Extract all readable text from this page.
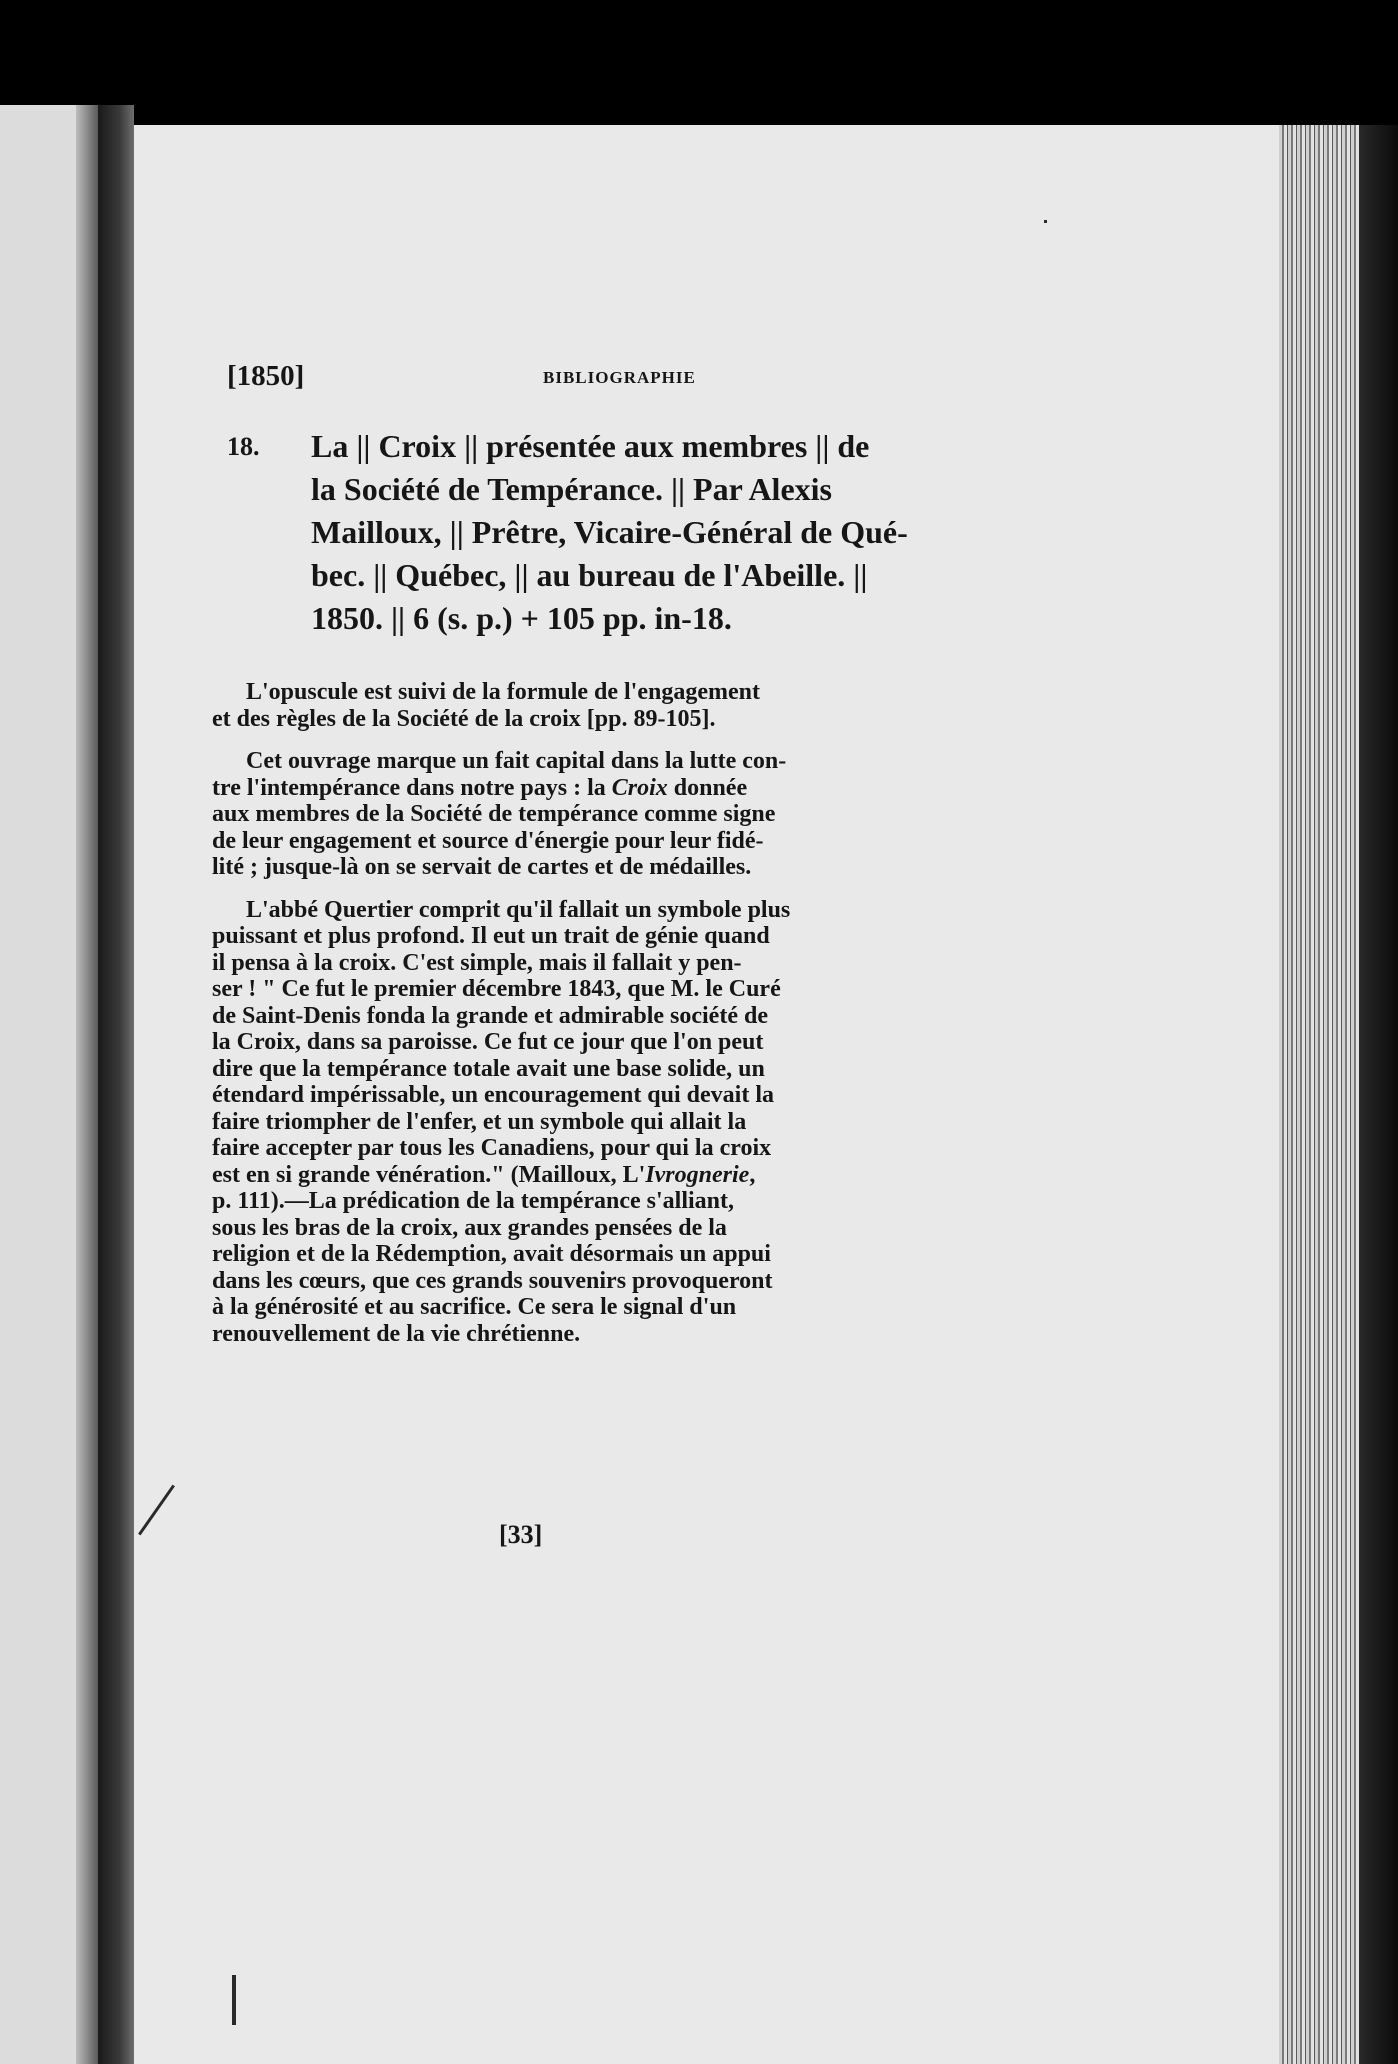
[1850]	BIBLIOGRAPHIE
18. La || Croix || présentée aux membres || de
la Société de Tempérance. || Par Alexis
Mailloux, || Prêtre, Vicaire-Général de Qué-
bec. || Québec, || au bureau de l'Abeille. ||
1850. || 6 (s. p.) + 105 pp. in-18.
L'opuscule est suivi de la formule de l'engagement
et des règles de la Société de la croix [pp. 89-105].
Cet ouvrage marque un fait capital dans la lutte con-
tre l'intempérance dans notre pays : la Croix donnée
aux membres de la Société de tempérance comme signe
de leur engagement et source d'énergie pour leur fidé-
lité ; jusque-là on se servait de cartes et de médailles.
L'abbé Quertier comprit qu'il fallait un symbole plus
puissant et plus profond. Il eut un trait de génie quand
il pensa à la croix. C'est simple, mais il fallait y pen-
ser ! " Ce fut le premier décembre 1843, que M. le Curé
de Saint-Denis fonda la grande et admirable société de
la Croix, dans sa paroisse. Ce fut ce jour que l'on peut
dire que la tempérance totale avait une base solide, un
étendard impérissable, un encouragement qui devait la
faire triompher de l'enfer, et un symbole qui allait la
faire accepter par tous les Canadiens, pour qui la croix
est en si grande vénération." (Mailloux, L'Ivrognerie,
p. 111).—La prédication de la tempérance s'alliant,
sous les bras de la croix, aux grandes pensées de la
religion et de la Rédemption, avait désormais un appui
dans les cœurs, que ces grands souvenirs provoqueront
à la générosité et au sacrifice. Ce sera le signal d'un
renouvellement de la vie chrétienne.
[33]
